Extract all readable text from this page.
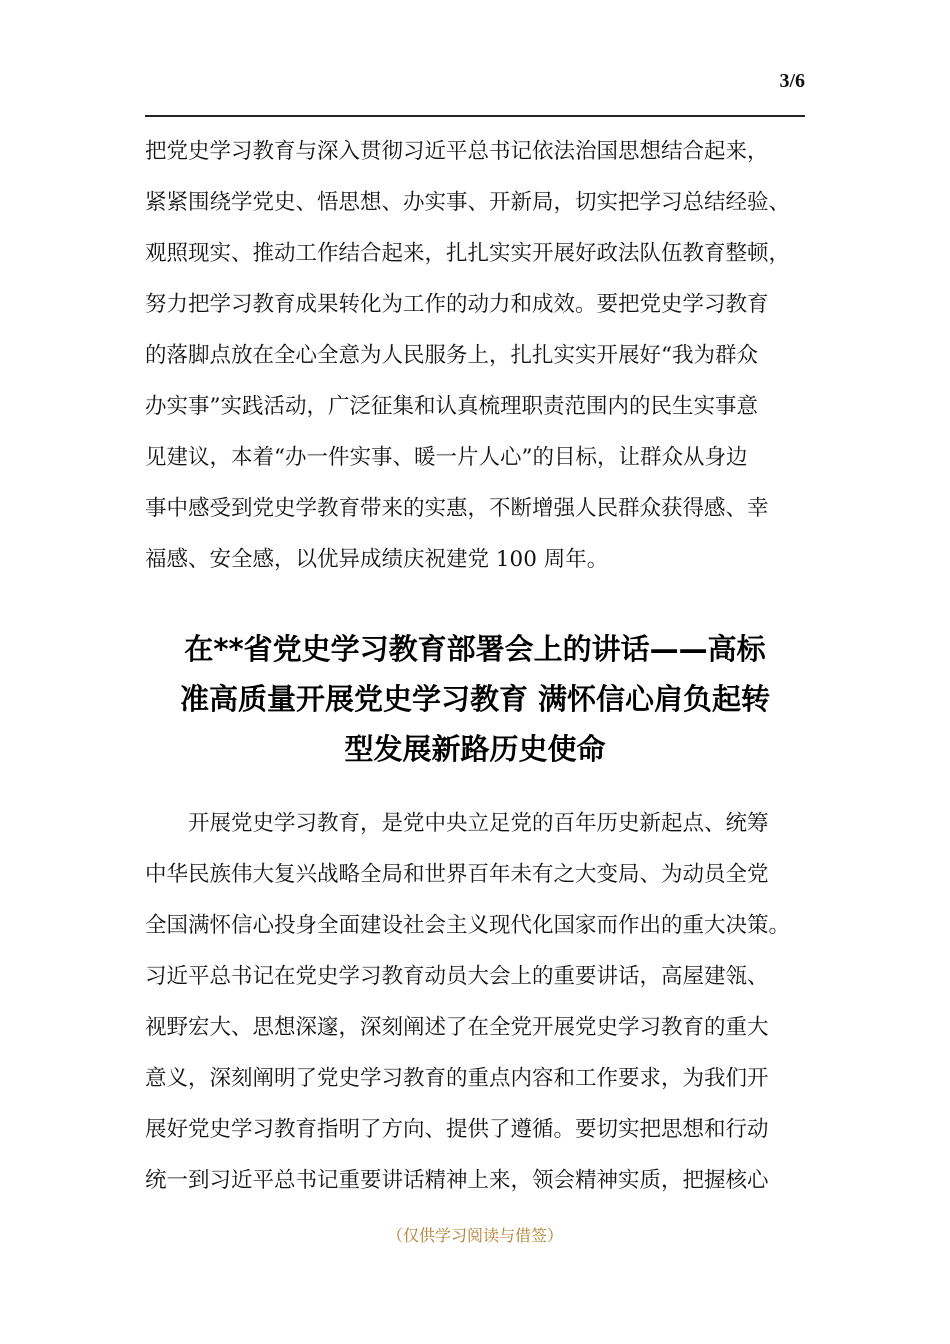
3/6
把党史学习教育与深入贯彻习近平总书记依法治国思想结合起来，
紧紧围绕学党史、悟思想、办实事、开新局，切实把学习总结经验、
观照现实、推动工作结合起来，扎扎实实开展好政法队伍教育整顿，
努力把学习教育成果转化为工作的动力和成效。要把党史学习教育
的落脚点放在全心全意为人民服务上，扎扎实实开展好“我为群众
办实事”实践活动，广泛征集和认真梳理职责范围内的民生实事意
见建议，本着“办一件实事、暖一片人心”的目标，让群众从身边
事中感受到党史学教育带来的实惠，不断增强人民群众获得感、幸
福感、安全感，以优异成绩庆祝建党 100 周年。
在**省党史学习教育部署会上的讲话——高标
准高质量开展党史学习教育 满怀信心肩负起转
型发展新路历史使命
　　开展党史学习教育，是党中央立足党的百年历史新起点、统筹
中华民族伟大复兴战略全局和世界百年未有之大变局、为动员全党
全国满怀信心投身全面建设社会主义现代化国家而作出的重大决策。
习近平总书记在党史学习教育动员大会上的重要讲话，高屋建瓴、
视野宏大、思想深邃，深刻阐述了在全党开展党史学习教育的重大
意义，深刻阐明了党史学习教育的重点内容和工作要求，为我们开
展好党史学习教育指明了方向、提供了遵循。要切实把思想和行动
统一到习近平总书记重要讲话精神上来，领会精神实质，把握核心
（仅供学习阅读与借签）
